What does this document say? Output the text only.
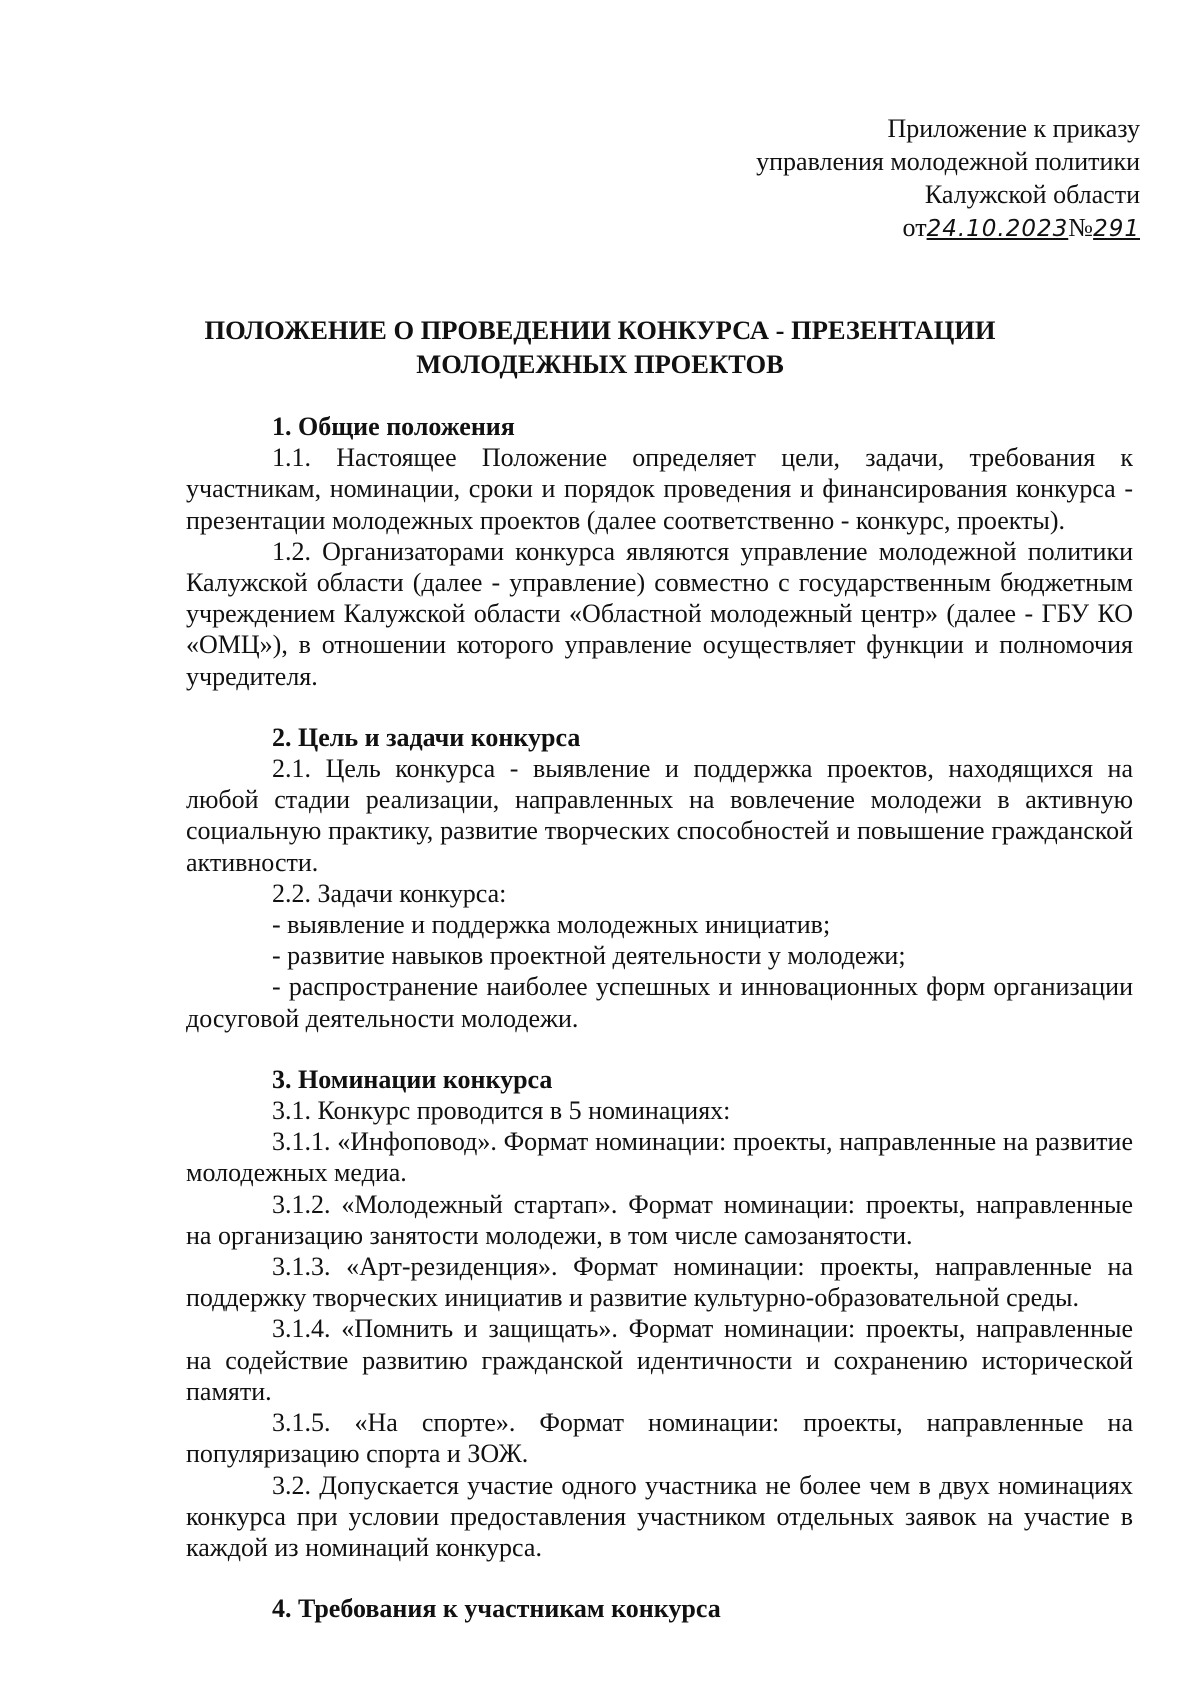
Приложение к приказу
управления молодежной политики
Калужской области
от24.10.2023№291
ПОЛОЖЕНИЕ О ПРОВЕДЕНИИ КОНКУРСА - ПРЕЗЕНТАЦИИ
МОЛОДЕЖНЫХ ПРОЕКТОВ
1. Общие положения

1.1. Настоящее Положение определяет цели, задачи, требования к участникам, номинации, сроки и порядок проведения и финансирования конкурса - презентации молодежных проектов (далее соответственно - конкурс, проекты).

1.2. Организаторами конкурса являются управление молодежной политики Калужской области (далее - управление) совместно с государственным бюджетным учреждением Калужской области «Областной молодежный центр» (далее - ГБУ КО «ОМЦ»), в отношении которого управление осуществляет функции и полномочия учредителя.

2. Цель и задачи конкурса

2.1. Цель конкурса - выявление и поддержка проектов, находящихся на любой стадии реализации, направленных на вовлечение молодежи в активную социальную практику, развитие творческих способностей и повышение гражданской активности.

2.2. Задачи конкурса:

- выявление и поддержка молодежных инициатив;

- развитие навыков проектной деятельности у молодежи;

- распространение наиболее успешных и инновационных форм организации досуговой деятельности молодежи.

3. Номинации конкурса

3.1. Конкурс проводится в 5 номинациях:

3.1.1. «Инфоповод». Формат номинации: проекты, направленные на развитие молодежных медиа.

3.1.2. «Молодежный стартап». Формат номинации: проекты, направленные на организацию занятости молодежи, в том числе самозанятости.

3.1.3. «Арт-резиденция». Формат номинации: проекты, направленные на поддержку творческих инициатив и развитие культурно-образовательной среды.

3.1.4. «Помнить и защищать». Формат номинации: проекты, направленные на содействие развитию гражданской идентичности и сохранению исторической памяти.

3.1.5. «На спорте». Формат номинации: проекты, направленные на популяризацию спорта и ЗОЖ.

3.2. Допускается участие одного участника не более чем в двух номинациях конкурса при условии предоставления участником отдельных заявок на участие в каждой из номинаций конкурса.

4. Требования к участникам конкурса
